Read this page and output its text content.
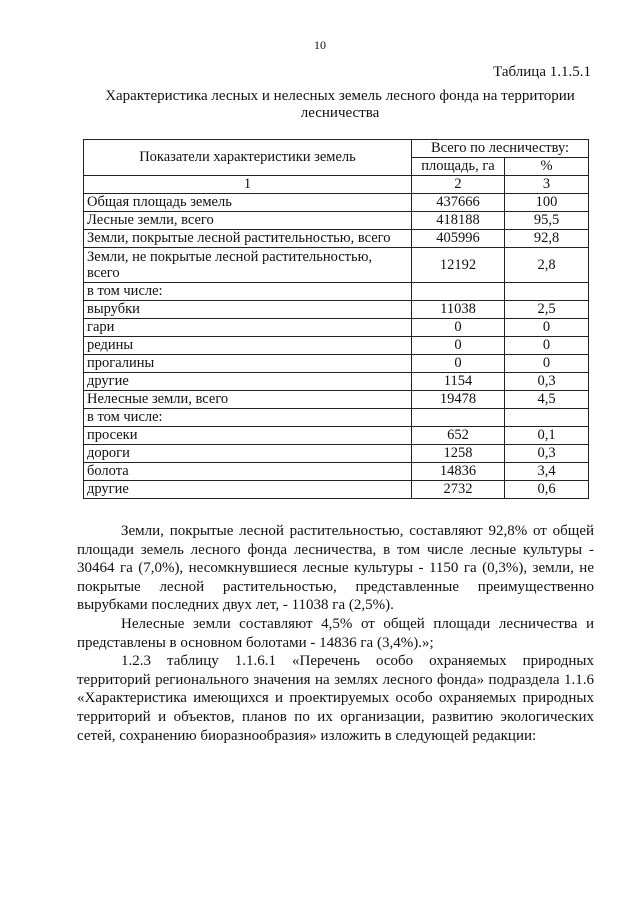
10
Таблица 1.1.5.1
Характеристика лесных и нелесных земель лесного фонда на территории
лесничества
Показатели характеристики земель	Всего по лесничеству:	
	площадь, га	%
1	2	3
Общая площадь земель	437666	100
Лесные земли, всего	418188	95,5
Земли, покрытые лесной растительностью, всего	405996	92,8
Земли, не покрытые лесной растительностью, всего	12192	2,8
в том числе:		
вырубки	11038	2,5
гари	0	0
редины	0	0
прогалины	0	0
другие	1154	0,3
Нелесные земли, всего	19478	4,5
в том числе:		
просеки	652	0,1
дороги	1258	0,3
болота	14836	3,4
другие	2732	0,6

Земли, покрытые лесной растительностью, составляют 92,8% от общей площади земель лесного фонда лесничества, в том числе лесные культуры - 30464 га (7,0%), несомкнувшиеся лесные культуры - 1150 га (0,3%), земли, не покрытые лесной растительностью, представленные преимущественно вырубками последних двух лет, - 11038 га (2,5%).

Нелесные земли составляют 4,5% от общей площади лесничества и представлены в основном болотами - 14836 га (3,4%).»;

1.2.3 таблицу 1.1.6.1 «Перечень особо охраняемых природных территорий регионального значения на землях лесного фонда» подраздела 1.1.6 «Характеристика имеющихся и проектируемых особо охраняемых природных территорий и объектов, планов по их организации, развитию экологических сетей, сохранению биоразнообразия» изложить в следующей редакции:
